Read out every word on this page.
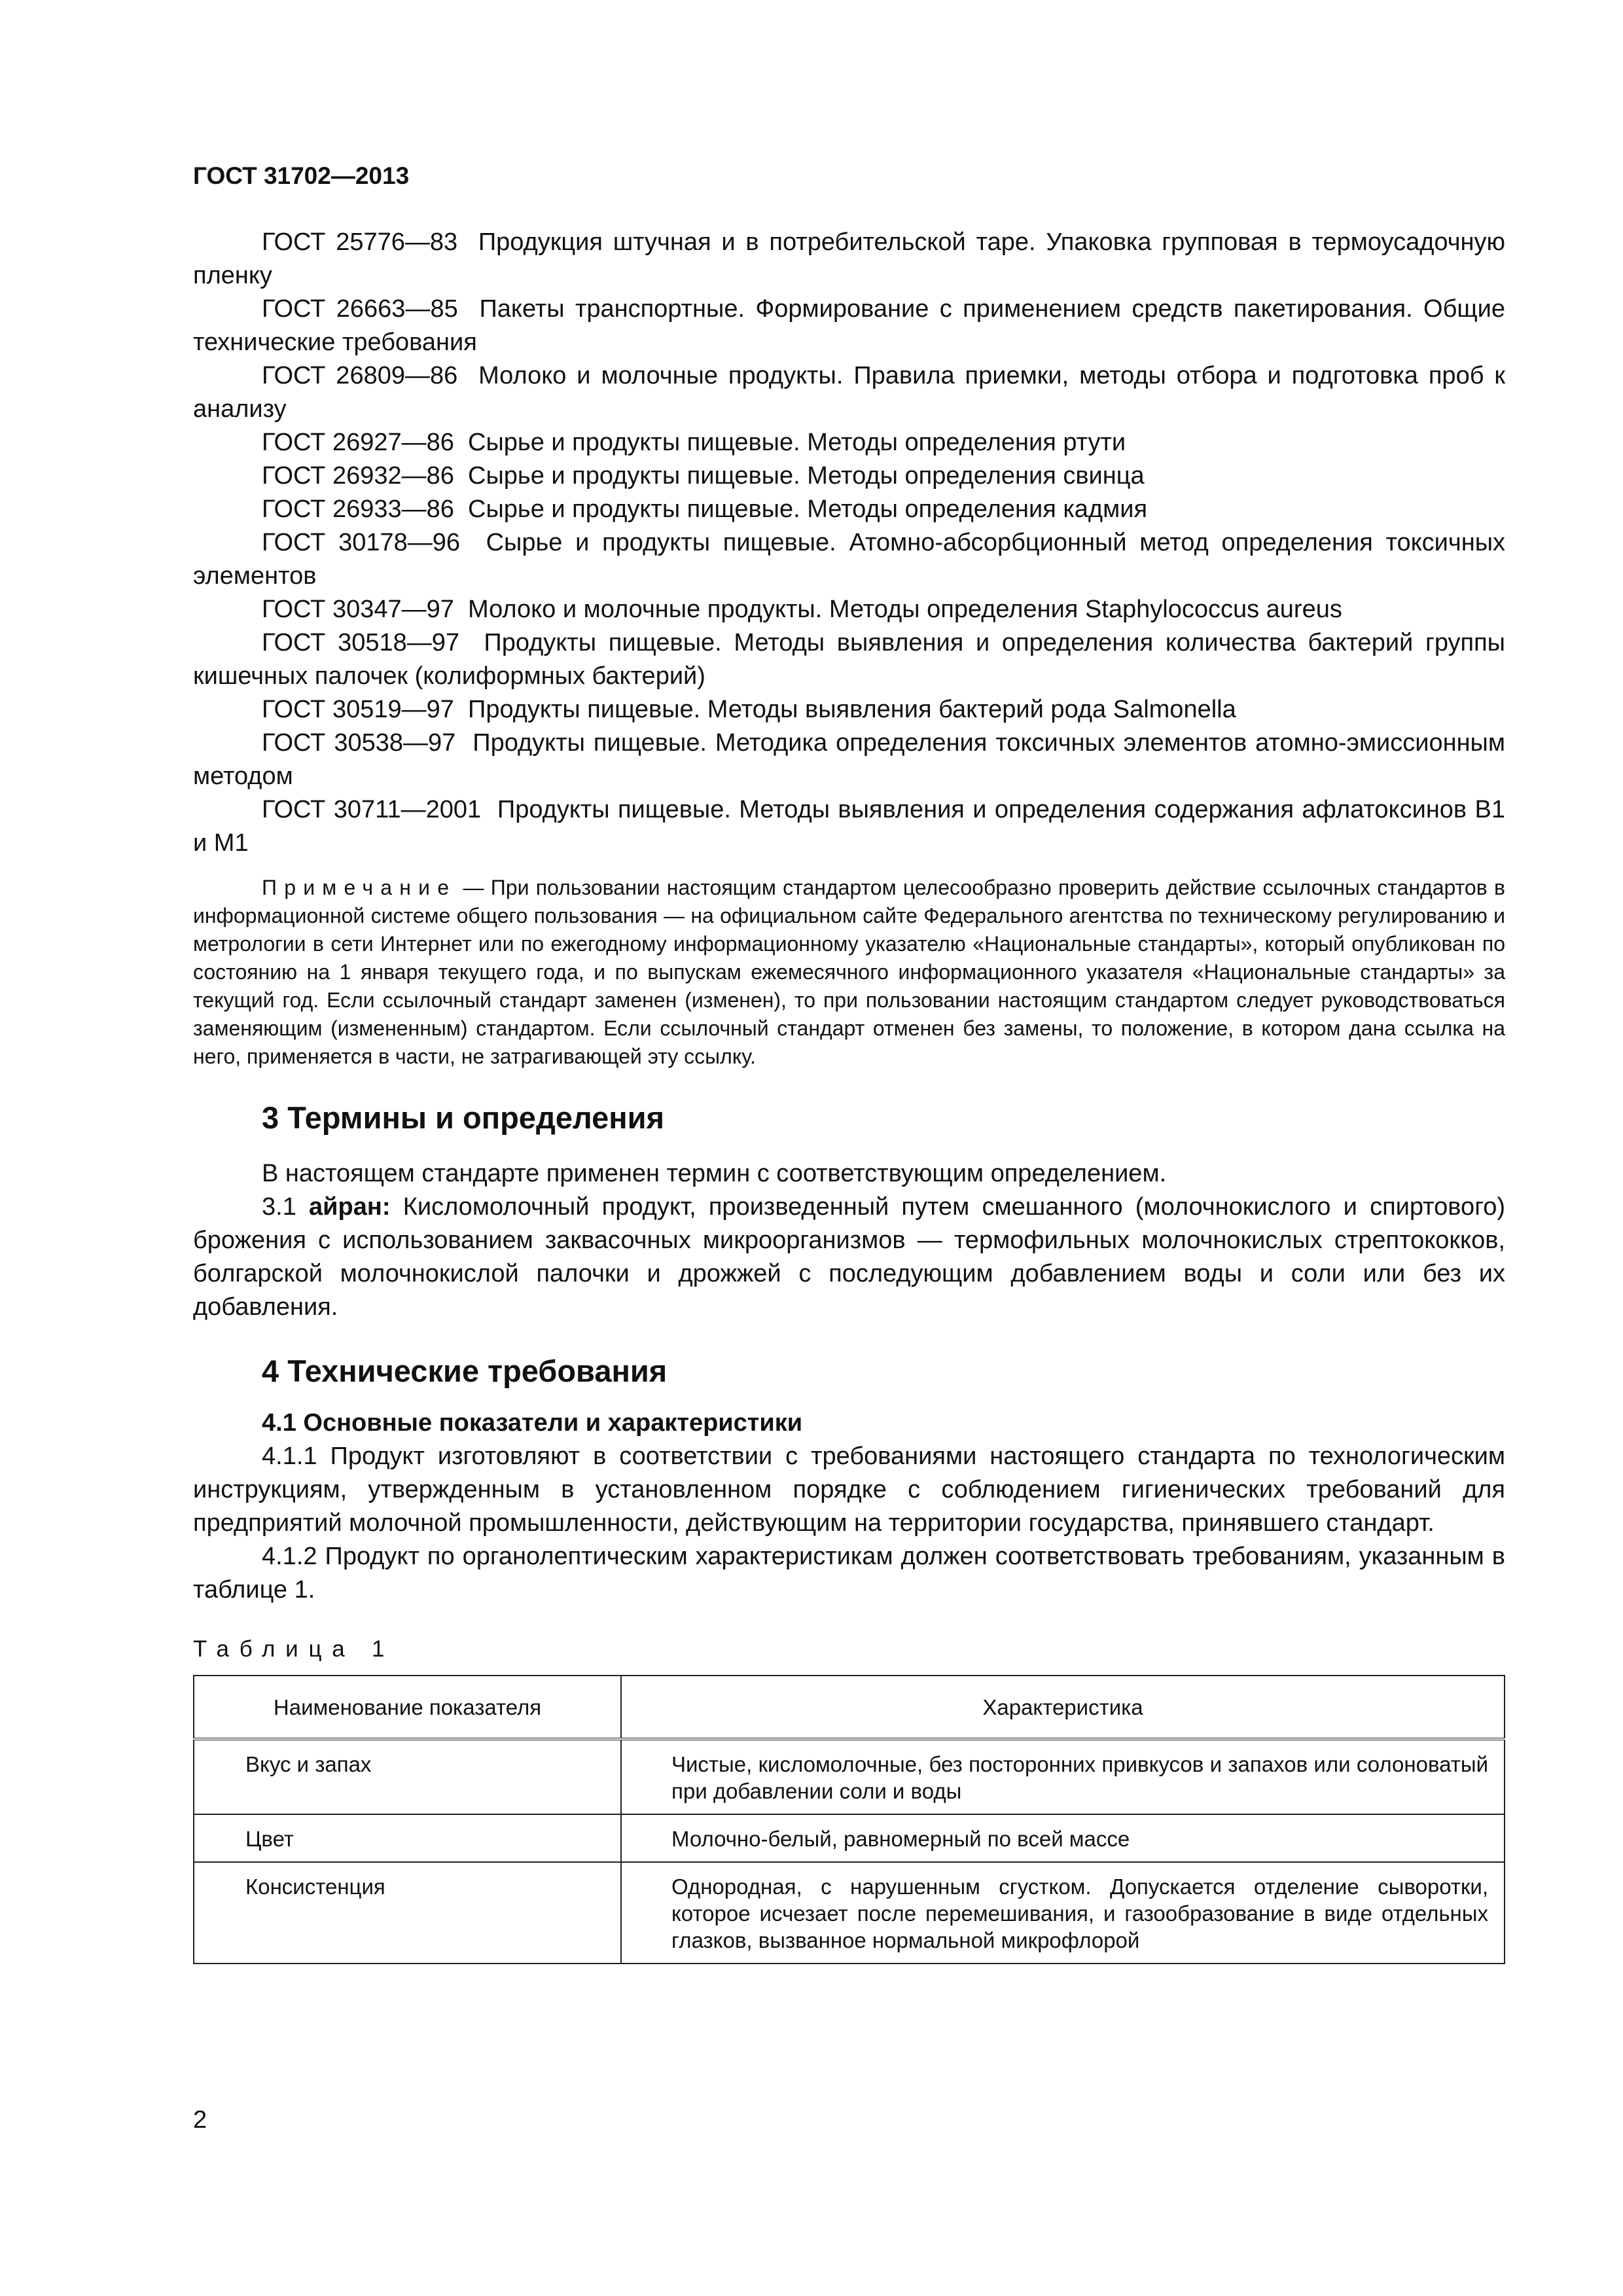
ГОСТ 31702—2013

ГОСТ 25776—83 Продукция штучная и в потребительской таре. Упаковка групповая в термоусадочную пленку

ГОСТ 26663—85 Пакеты транспортные. Формирование с применением средств пакетирования. Общие технические требования

ГОСТ 26809—86 Молоко и молочные продукты. Правила приемки, методы отбора и подготовка проб к анализу

ГОСТ 26927—86 Сырье и продукты пищевые. Методы определения ртути

ГОСТ 26932—86 Сырье и продукты пищевые. Методы определения свинца

ГОСТ 26933—86 Сырье и продукты пищевые. Методы определения кадмия

ГОСТ 30178—96 Сырье и продукты пищевые. Атомно-абсорбционный метод определения токсичных элементов

ГОСТ 30347—97 Молоко и молочные продукты. Методы определения Staphylococcus aureus

ГОСТ 30518—97 Продукты пищевые. Методы выявления и определения количества бактерий группы кишечных палочек (колиформных бактерий)

ГОСТ 30519—97 Продукты пищевые. Методы выявления бактерий рода Salmonella

ГОСТ 30538—97 Продукты пищевые. Методика определения токсичных элементов атомно-эмиссионным методом

ГОСТ 30711—2001 Продукты пищевые. Методы выявления и определения содержания афлатоксинов В1 и М1

Примечание — При пользовании настоящим стандартом целесообразно проверить действие ссылочных стандартов в информационной системе общего пользования — на официальном сайте Федерального агентства по техническому регулированию и метрологии в сети Интернет или по ежегодному информационному указателю «Национальные стандарты», который опубликован по состоянию на 1 января текущего года, и по выпускам ежемесячного информационного указателя «Национальные стандарты» за текущий год. Если ссылочный стандарт заменен (изменен), то при пользовании настоящим стандартом следует руководствоваться заменяющим (измененным) стандартом. Если ссылочный стандарт отменен без замены, то положение, в котором дана ссылка на него, применяется в части, не затрагивающей эту ссылку.

3 Термины и определения

В настоящем стандарте применен термин с соответствующим определением.

3.1 айран: Кисломолочный продукт, произведенный путем смешанного (молочнокислого и спиртового) брожения с использованием заквасочных микроорганизмов — термофильных молочнокислых стрептококков, болгарской молочнокислой палочки и дрожжей с последующим добавлением воды и соли или без их добавления.

4 Технические требования

4.1 Основные показатели и характеристики

4.1.1 Продукт изготовляют в соответствии с требованиями настоящего стандарта по технологическим инструкциям, утвержденным в установленном порядке с соблюдением гигиенических требований для предприятий молочной промышленности, действующим на территории государства, принявшего стандарт.

4.1.2 Продукт по органолептическим характеристикам должен соответствовать требованиям, указанным в таблице 1.

Таблица 1

Наименование показателя	Характеристика
Вкус и запах	Чистые, кисломолочные, без посторонних привкусов и запахов или солоноватый при добавлении соли и воды
Цвет	Молочно-белый, равномерный по всей массе
Консистенция	Однородная, с нарушенным сгустком. Допускается отделение сыворотки, которое исчезает после перемешивания, и газообразование в виде отдельных глазков, вызванное нормальной микрофлорой
2
